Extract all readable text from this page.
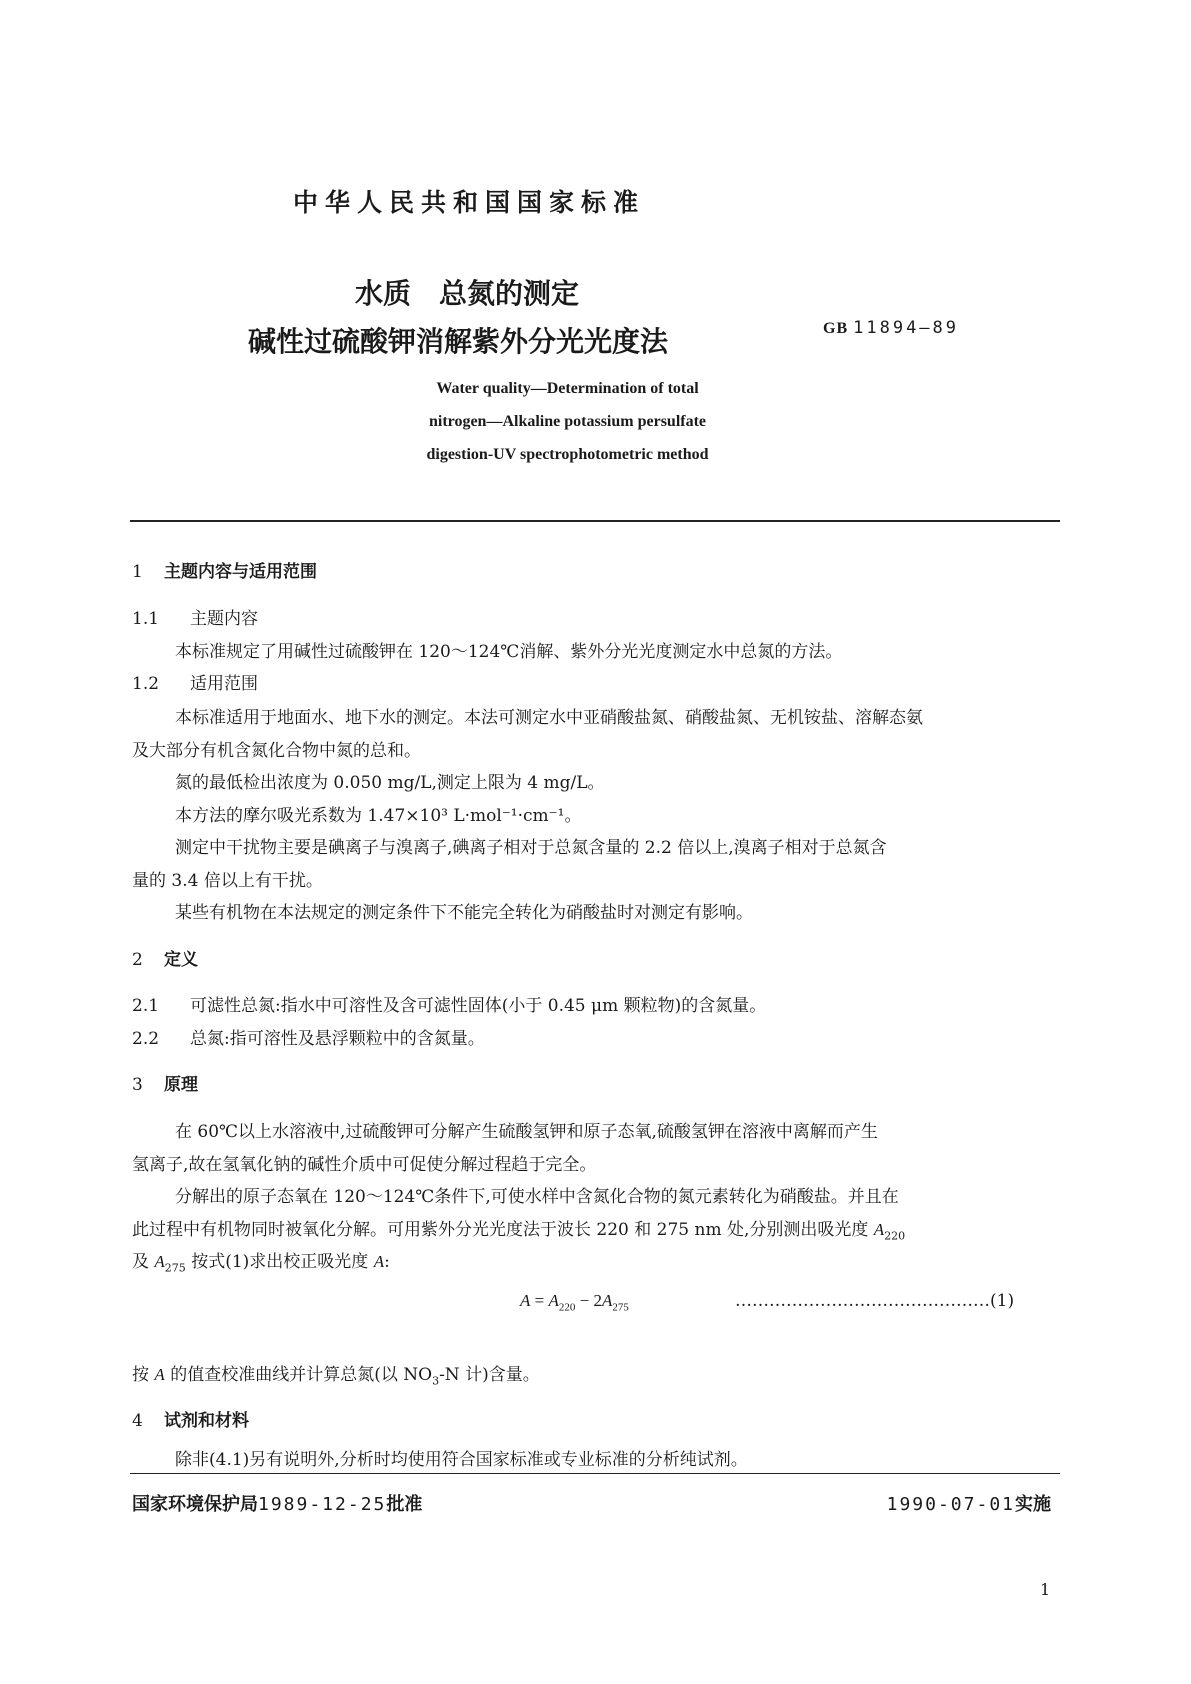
中华人民共和国国家标准
水质　总氮的测定
碱性过硫酸钾消解紫外分光光度法	GB 11894—89
Water quality—Determination of total
nitrogen—Alkaline potassium persulfate
digestion-UV spectrophotometric method
1 主题内容与适用范围
1.1 主题内容
本标准规定了用碱性过硫酸钾在 120～124℃消解、紫外分光光度测定水中总氮的方法。
1.2 适用范围
本标准适用于地面水、地下水的测定。本法可测定水中亚硝酸盐氮、硝酸盐氮、无机铵盐、溶解态氨
及大部分有机含氮化合物中氮的总和。
氮的最低检出浓度为 0.050 mg/L,测定上限为 4 mg/L。
本方法的摩尔吸光系数为 1.47×10³ L·mol⁻¹·cm⁻¹。
测定中干扰物主要是碘离子与溴离子,碘离子相对于总氮含量的 2.2 倍以上,溴离子相对于总氮含
量的 3.4 倍以上有干扰。
某些有机物在本法规定的测定条件下不能完全转化为硝酸盐时对测定有影响。
2 定义
2.1 可滤性总氮:指水中可溶性及含可滤性固体(小于 0.45 μm 颗粒物)的含氮量。
2.2 总氮:指可溶性及悬浮颗粒中的含氮量。
3 原理
在 60℃以上水溶液中,过硫酸钾可分解产生硫酸氢钾和原子态氧,硫酸氢钾在溶液中离解而产生
氢离子,故在氢氧化钠的碱性介质中可促使分解过程趋于完全。
分解出的原子态氧在 120～124℃条件下,可使水样中含氮化合物的氮元素转化为硝酸盐。并且在
此过程中有机物同时被氧化分解。可用紫外分光光度法于波长 220 和 275 nm 处,分别测出吸光度 $A_{220}$
及 $A_{275}$ 按式(1)求出校正吸光度 A:
$A = A_{220} - 2A_{275}$	………………………………………(1)
按 A 的值查校准曲线并计算总氮(以 $NO_3-N$ 计)含量。
4 试剂和材料
除非(4.1)另有说明外,分析时均使用符合国家标准或专业标准的分析纯试剂。
国家环境保护局1989-12-25批准	1990-07-01实施
1
